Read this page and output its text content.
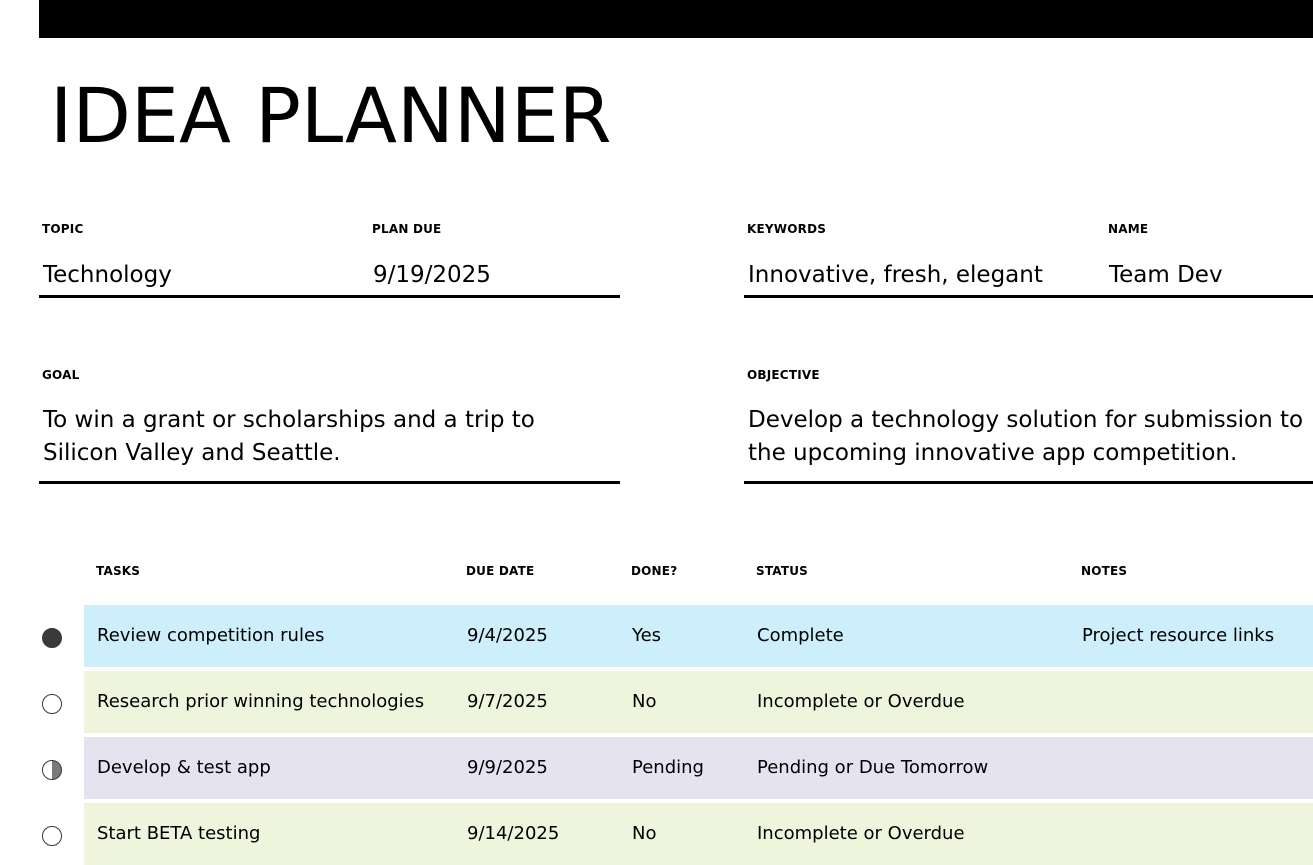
IDEA PLANNER
TOPIC
Technology
PLAN DUE
9/19/2025
KEYWORDS
Innovative, fresh, elegant
NAME
Team Dev
GOAL
To win a grant or scholarships and a trip to
Silicon Valley and Seattle.
OBJECTIVE
Develop a technology solution for submission to
the upcoming innovative app competition.
TASKS	DUE DATE	DONE?	STATUS	NOTES
Review competition rules	9/4/2025	Yes	Complete	Project resource links
Research prior winning technologies 9/7/2025	No	Incomplete or Overdue
Develop & test app	9/9/2025	Pending	Pending or Due Tomorrow
Start BETA testing	9/14/2025	No	Incomplete or Overdue
